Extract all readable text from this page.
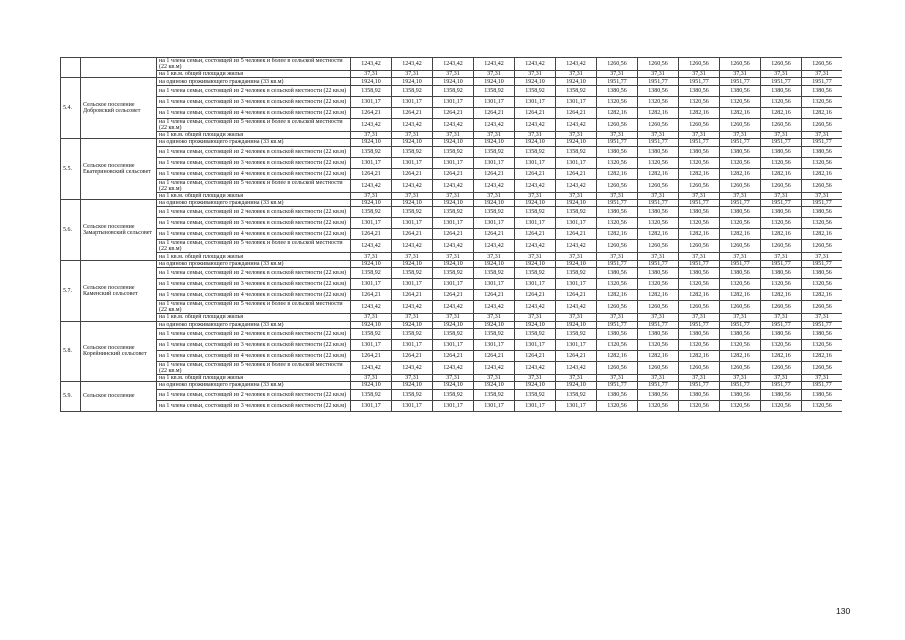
		на 1 члена семьи, состоящей из 5 человек и более в сельской местности (22 кв.м)	1243,42	1243,42	1243,42	1243,42	1243,42	1243,42	1260,56	1260,56	1260,56	1260,56	1260,56	1260,56
		на 1 кв.м. общей площади жилья	37,31	37,31	37,31	37,31	37,31	37,31	37,31	37,31	37,31	37,31	37,31	37,31
5.4.	Сельское поселение Добровский сельсовет	на одиноко проживающего гражданина (33 кв.м)	1924,10	1924,10	1924,10	1924,10	1924,10	1924,10	1951,77	1951,77	1951,77	1951,77	1951,77	1951,77
		на 1 члена семьи, состоящей из 2 человек в сельской местности (22 кв.м)	1358,92	1358,92	1358,92	1358,92	1358,92	1358,92	1380,56	1380,56	1380,56	1380,56	1380,56	1380,56
		на 1 члена семьи, состоящей из 3 человек в сельской местности (22 кв.м)	1301,17	1301,17	1301,17	1301,17	1301,17	1301,17	1320,56	1320,56	1320,56	1320,56	1320,56	1320,56
		на 1 члена семьи, состоящей из 4 человек в сельской местности (22 кв.м)	1264,21	1264,21	1264,21	1264,21	1264,21	1264,21	1282,16	1282,16	1282,16	1282,16	1282,16	1282,16
		на 1 члена семьи, состоящей из 5 человек и более в сельской местности (22 кв.м)	1243,42	1243,42	1243,42	1243,42	1243,42	1243,42	1260,56	1260,56	1260,56	1260,56	1260,56	1260,56
		на 1 кв.м. общей площади жилья	37,31	37,31	37,31	37,31	37,31	37,31	37,31	37,31	37,31	37,31	37,31	37,31
5.5.	Сельское поселение Екатериновский сельсовет	на одиноко проживающего гражданина (33 кв.м)	1924,10	1924,10	1924,10	1924,10	1924,10	1924,10	1951,77	1951,77	1951,77	1951,77	1951,77	1951,77
		на 1 члена семьи, состоящей из 2 человек в сельской местности (22 кв.м)	1358,92	1358,92	1358,92	1358,92	1358,92	1358,92	1380,56	1380,56	1380,56	1380,56	1380,56	1380,56
		на 1 члена семьи, состоящей из 3 человек в сельской местности (22 кв.м)	1301,17	1301,17	1301,17	1301,17	1301,17	1301,17	1320,56	1320,56	1320,56	1320,56	1320,56	1320,56
		на 1 члена семьи, состоящей из 4 человек в сельской местности (22 кв.м)	1264,21	1264,21	1264,21	1264,21	1264,21	1264,21	1282,16	1282,16	1282,16	1282,16	1282,16	1282,16
		на 1 члена семьи, состоящей из 5 человек и более в сельской местности (22 кв.м)	1243,42	1243,42	1243,42	1243,42	1243,42	1243,42	1260,56	1260,56	1260,56	1260,56	1260,56	1260,56
		на 1 кв.м. общей площади жилья	37,31	37,31	37,31	37,31	37,31	37,31	37,31	37,31	37,31	37,31	37,31	37,31
5.6.	Сельское поселение Замартыновский сельсовет	на одиноко проживающего гражданина (33 кв.м)	1924,10	1924,10	1924,10	1924,10	1924,10	1924,10	1951,77	1951,77	1951,77	1951,77	1951,77	1951,77
		на 1 члена семьи, состоящей из 2 человек в сельской местности (22 кв.м)	1358,92	1358,92	1358,92	1358,92	1358,92	1358,92	1380,56	1380,56	1380,56	1380,56	1380,56	1380,56
		на 1 члена семьи, состоящей из 3 человек в сельской местности (22 кв.м)	1301,17	1301,17	1301,17	1301,17	1301,17	1301,17	1320,56	1320,56	1320,56	1320,56	1320,56	1320,56
		на 1 члена семьи, состоящей из 4 человек в сельской местности (22 кв.м)	1264,21	1264,21	1264,21	1264,21	1264,21	1264,21	1282,16	1282,16	1282,16	1282,16	1282,16	1282,16
		на 1 члена семьи, состоящей из 5 человек и более в сельской местности (22 кв.м)	1243,42	1243,42	1243,42	1243,42	1243,42	1243,42	1260,56	1260,56	1260,56	1260,56	1260,56	1260,56
		на 1 кв.м. общей площади жилья	37,31	37,31	37,31	37,31	37,31	37,31	37,31	37,31	37,31	37,31	37,31	37,31
5.7.	Сельское поселение Каменский сельсовет	на одиноко проживающего гражданина (33 кв.м)	1924,10	1924,10	1924,10	1924,10	1924,10	1924,10	1951,77	1951,77	1951,77	1951,77	1951,77	1951,77
		на 1 члена семьи, состоящей из 2 человек в сельской местности (22 кв.м)	1358,92	1358,92	1358,92	1358,92	1358,92	1358,92	1380,56	1380,56	1380,56	1380,56	1380,56	1380,56
		на 1 члена семьи, состоящей из 3 человек в сельской местности (22 кв.м)	1301,17	1301,17	1301,17	1301,17	1301,17	1301,17	1320,56	1320,56	1320,56	1320,56	1320,56	1320,56
		на 1 члена семьи, состоящей из 4 человек в сельской местности (22 кв.м)	1264,21	1264,21	1264,21	1264,21	1264,21	1264,21	1282,16	1282,16	1282,16	1282,16	1282,16	1282,16
		на 1 члена семьи, состоящей из 5 человек и более в сельской местности (22 кв.м)	1243,42	1243,42	1243,42	1243,42	1243,42	1243,42	1260,56	1260,56	1260,56	1260,56	1260,56	1260,56
		на 1 кв.м. общей площади жилья	37,31	37,31	37,31	37,31	37,31	37,31	37,31	37,31	37,31	37,31	37,31	37,31
5.8.	Сельское поселение Корейнинский сельсовет	на одиноко проживающего гражданина (33 кв.м)	1924,10	1924,10	1924,10	1924,10	1924,10	1924,10	1951,77	1951,77	1951,77	1951,77	1951,77	1951,77
		на 1 члена семьи, состоящей из 2 человек в сельской местности (22 кв.м)	1358,92	1358,92	1358,92	1358,92	1358,92	1358,92	1380,56	1380,56	1380,56	1380,56	1380,56	1380,56
		на 1 члена семьи, состоящей из 3 человек в сельской местности (22 кв.м)	1301,17	1301,17	1301,17	1301,17	1301,17	1301,17	1320,56	1320,56	1320,56	1320,56	1320,56	1320,56
		на 1 члена семьи, состоящей из 4 человек в сельской местности (22 кв.м)	1264,21	1264,21	1264,21	1264,21	1264,21	1264,21	1282,16	1282,16	1282,16	1282,16	1282,16	1282,16
		на 1 члена семьи, состоящей из 5 человек и более в сельской местности (22 кв.м)	1243,42	1243,42	1243,42	1243,42	1243,42	1243,42	1260,56	1260,56	1260,56	1260,56	1260,56	1260,56
		на 1 кв.м. общей площади жилья	37,31	37,31	37,31	37,31	37,31	37,31	37,31	37,31	37,31	37,31	37,31	37,31
5.9.	Сельское поселение	на одиноко проживающего гражданина (33 кв.м)	1924,10	1924,10	1924,10	1924,10	1924,10	1924,10	1951,77	1951,77	1951,77	1951,77	1951,77	1951,77
		на 1 члена семьи, состоящей из 2 человек в сельской местности (22 кв.м)	1358,92	1358,92	1358,92	1358,92	1358,92	1358,92	1380,56	1380,56	1380,56	1380,56	1380,56	1380,56
		на 1 члена семьи, состоящей из 3 человек в сельской местности (22 кв.м)	1301,17	1301,17	1301,17	1301,17	1301,17	1301,17	1320,56	1320,56	1320,56	1320,56	1320,56	1320,56
130
